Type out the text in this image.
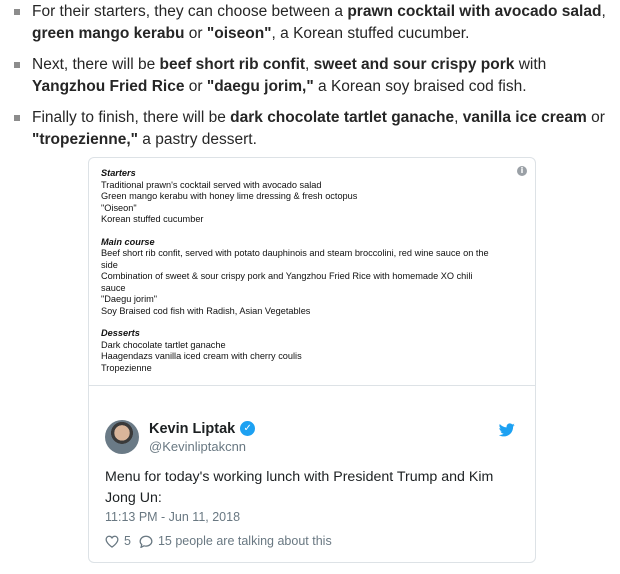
For their starters, they can choose between a prawn cocktail with avocado salad, green mango kerabu or "oiseon", a Korean stuffed cucumber.
Next, there will be beef short rib confit, sweet and sour crispy pork with Yangzhou Fried Rice or "daegu jorim," a Korean soy braised cod fish.
Finally to finish, there will be dark chocolate tartlet ganache, vanilla ice cream or "tropezienne," a pastry dessert.
i
Starters
Traditional prawn's cocktail served with avocado salad
Green mango kerabu with honey lime dressing & fresh octopus
"Oiseon"
Korean stuffed cucumber
Main course
Beef short rib confit, served with potato dauphinois and steam broccolini, red wine sauce on the
side
Combination of sweet & sour crispy pork and Yangzhou Fried Rice with homemade XO chili
sauce
"Daegu jorim"
Soy Braised cod fish with Radish, Asian Vegetables
Desserts
Dark chocolate tartlet ganache
Haagendazs vanilla iced cream with cherry coulis
Tropezienne
Kevin Liptak ✓
@Kevinliptakcnn
Menu for today's working lunch with President Trump and Kim Jong Un:
11:13 PM - Jun 11, 2018
5 15 people are talking about this
